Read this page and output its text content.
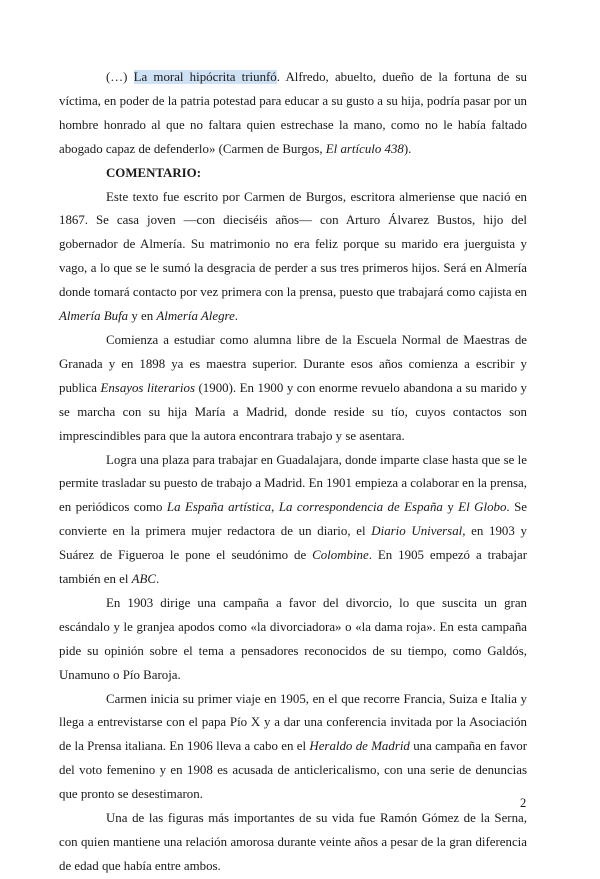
(…) La moral hipócrita triunfó. Alfredo, abuelto, dueño de la fortuna de su víctima, en poder de la patria potestad para educar a su gusto a su hija, podría pasar por un hombre honrado al que no faltara quien estrechase la mano, como no le había faltado abogado capaz de defenderlo» (Carmen de Burgos, El artículo 438).

COMENTARIO:

Este texto fue escrito por Carmen de Burgos, escritora almeriense que nació en 1867. Se casa joven —con dieciséis años— con Arturo Álvarez Bustos, hijo del gobernador de Almería. Su matrimonio no era feliz porque su marido era juerguista y vago, a lo que se le sumó la desgracia de perder a sus tres primeros hijos. Será en Almería donde tomará contacto por vez primera con la prensa, puesto que trabajará como cajista en Almería Bufa y en Almería Alegre.

Comienza a estudiar como alumna libre de la Escuela Normal de Maestras de Granada y en 1898 ya es maestra superior. Durante esos años comienza a escribir y publica Ensayos literarios (1900). En 1900 y con enorme revuelo abandona a su marido y se marcha con su hija María a Madrid, donde reside su tío, cuyos contactos son imprescindibles para que la autora encontrara trabajo y se asentara.

Logra una plaza para trabajar en Guadalajara, donde imparte clase hasta que se le permite trasladar su puesto de trabajo a Madrid. En 1901 empieza a colaborar en la prensa, en periódicos como La España artística, La correspondencia de España y El Globo. Se convierte en la primera mujer redactora de un diario, el Diario Universal, en 1903 y Suárez de Figueroa le pone el seudónimo de Colombine. En 1905 empezó a trabajar también en el ABC.

En 1903 dirige una campaña a favor del divorcio, lo que suscita un gran escándalo y le granjea apodos como «la divorciadora» o «la dama roja». En esta campaña pide su opinión sobre el tema a pensadores reconocidos de su tiempo, como Galdós, Unamuno o Pío Baroja.

Carmen inicia su primer viaje en 1905, en el que recorre Francia, Suiza e Italia y llega a entrevistarse con el papa Pío X y a dar una conferencia invitada por la Asociación de la Prensa italiana. En 1906 lleva a cabo en el Heraldo de Madrid una campaña en favor del voto femenino y en 1908 es acusada de anticlericalismo, con una serie de denuncias que pronto se desestimaron.

Una de las figuras más importantes de su vida fue Ramón Gómez de la Serna, con quien mantiene una relación amorosa durante veinte años a pesar de la gran diferencia de edad que había entre ambos.

2
